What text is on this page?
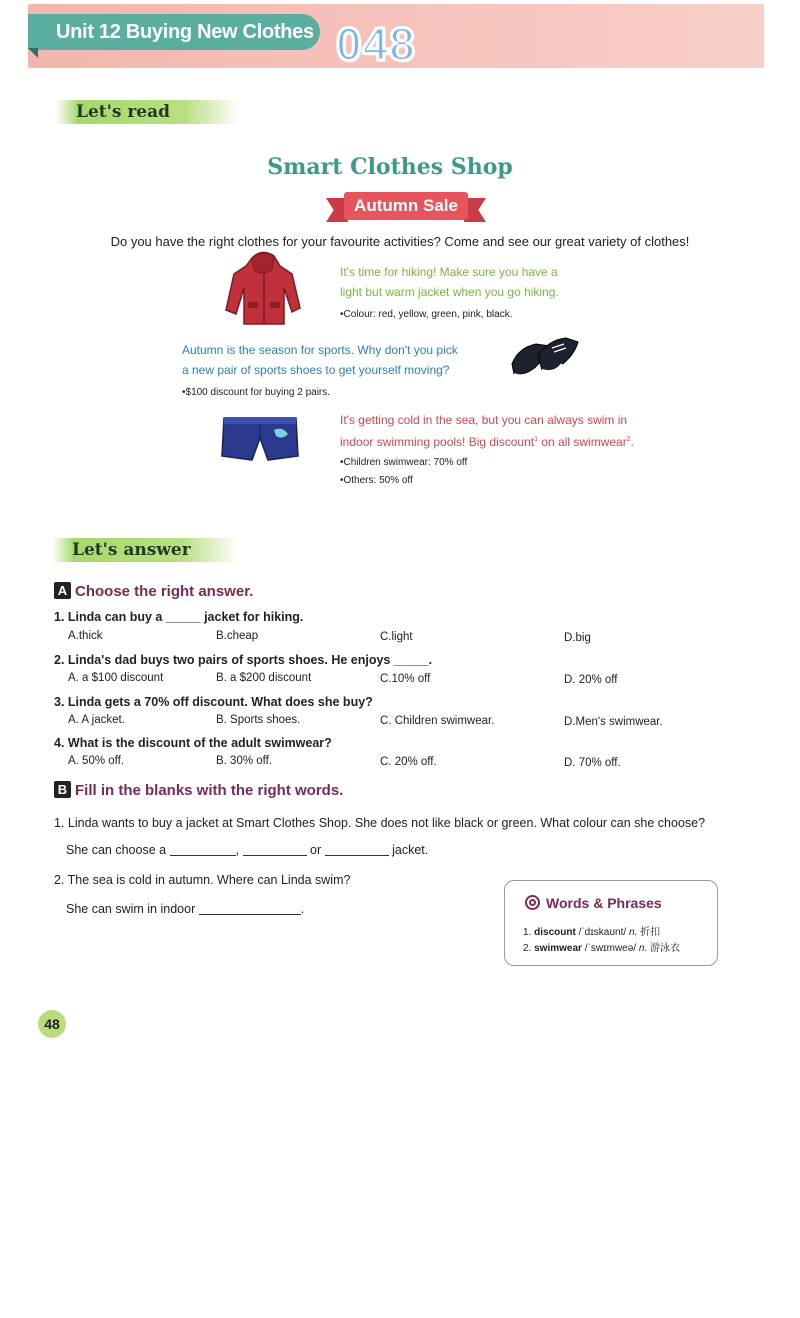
Unit 12 Buying New Clothes 048
Let's read
Smart Clothes Shop
Autumn Sale
Do you have the right clothes for your favourite activities? Come and see our great variety of clothes!
It's time for hiking! Make sure you have a
light but warm jacket when you go hiking.
•Colour: red, yellow, green, pink, black.
Autumn is the season for sports. Why don't you pick
a new pair of sports shoes to get yourself moving?
•$100 discount for buying 2 pairs.
It's getting cold in the sea, but you can always swim in
indoor swimming pools! Big discount$^1$ on all swimwear$^2$.
•Children swimwear: 70% off
•Others: 50% off
Let's answer
A Choose the right answer.
1. Linda can buy a _____ jacket for hiking.
A.thick	B.cheap	C.light	D.big
2. Linda's dad buys two pairs of sports shoes. He enjoys _____.
A. a $100 discount	B. a $200 discount	C.10% off	D. 20% off
3. Linda gets a 70% off discount. What does she buy?
A. A jacket.	B. Sports shoes.	C. Children swimwear.	D.Men's swimwear.
4. What is the discount of the adult swimwear?
A. 50% off.	B. 30% off.	C. 20% off.	D. 70% off.
B Fill in the blanks with the right words.
1. Linda wants to buy a jacket at Smart Clothes Shop. She does not like black or green. What colour can she choose?
She can choose a	,	or	jacket.
2. The sea is cold in autumn. Where can Linda swim?
She can swim in indoor	.	Words & Phrases
1. discount /ˈdɪskaʊnt/ n. 折扣
2. swimwear /ˈswɪmweə/ n. 游泳衣
48
